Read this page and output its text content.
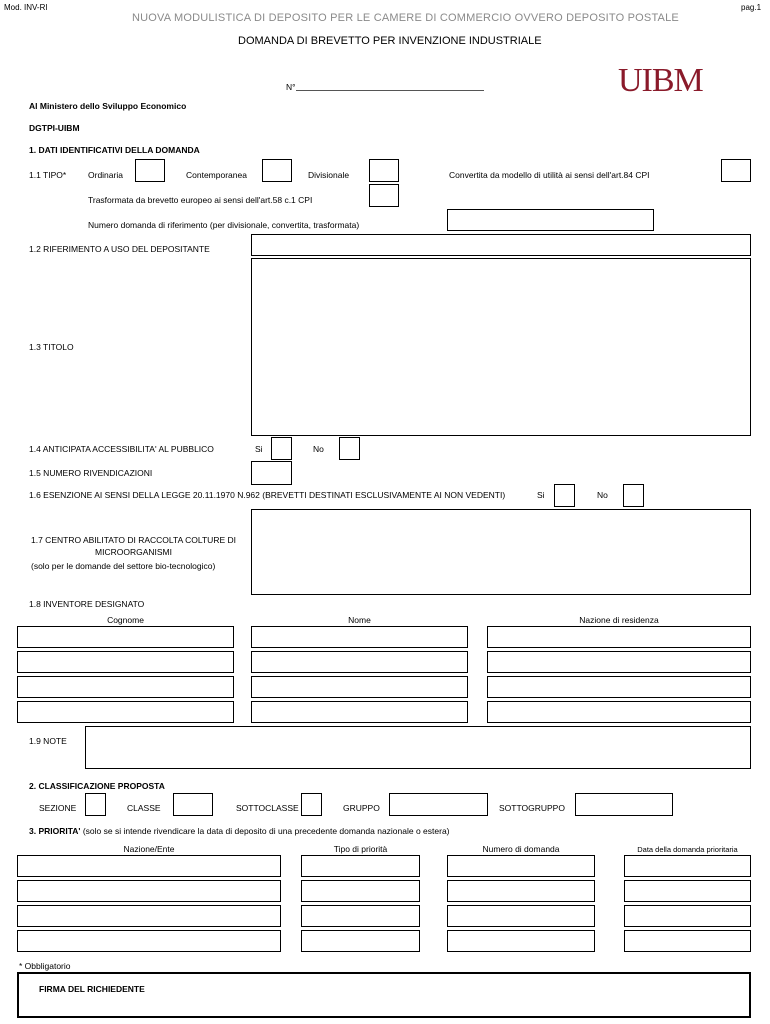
Mod. INV-RI	pag.1
NUOVA MODULISTICA DI DEPOSITO PER LE CAMERE DI COMMERCIO OVVERO DEPOSITO POSTALE
DOMANDA DI BREVETTO PER INVENZIONE INDUSTRIALE
N°	UIBM
Al Ministero dello Sviluppo Economico
DGTPI-UIBM
1. DATI IDENTIFICATIVI DELLA DOMANDA
1.1 TIPO*	Ordinaria	Contemporanea	Divisionale	Convertita da modello di utilità ai sensi dell'art.84 CPI
Trasformata da brevetto europeo ai sensi dell'art.58 c.1 CPI
Numero domanda di riferimento (per divisionale, convertita, trasformata)
1.2 RIFERIMENTO A USO DEL DEPOSITANTE
1.3 TITOLO
1.4 ANTICIPATA ACCESSIBILITA' AL PUBBLICO	Si	No
1.5 NUMERO RIVENDICAZIONI
1.6 ESENZIONE AI SENSI DELLA LEGGE 20.11.1970 N.962 (BREVETTI DESTINATI ESCLUSIVAMENTE AI NON VEDENTI)	Si	No
1.7 CENTRO ABILITATO DI RACCOLTA COLTURE DI
MICROORGANISMI
(solo per le domande del settore bio-tecnologico)
1.8 INVENTORE DESIGNATO
Cognome	Nome	Nazione di residenza
1.9 NOTE
2. CLASSIFICAZIONE PROPOSTA
SEZIONE	CLASSE	SOTTOCLASSE	GRUPPO	SOTTOGRUPPO
3. PRIORITA' (solo se si intende rivendicare la data di deposito di una precedente domanda nazionale o estera)
Nazione/Ente	Tipo di priorità	Numero di domanda	Data della domanda prioritaria
* Obbligatorio
FIRMA DEL RICHIEDENTE
